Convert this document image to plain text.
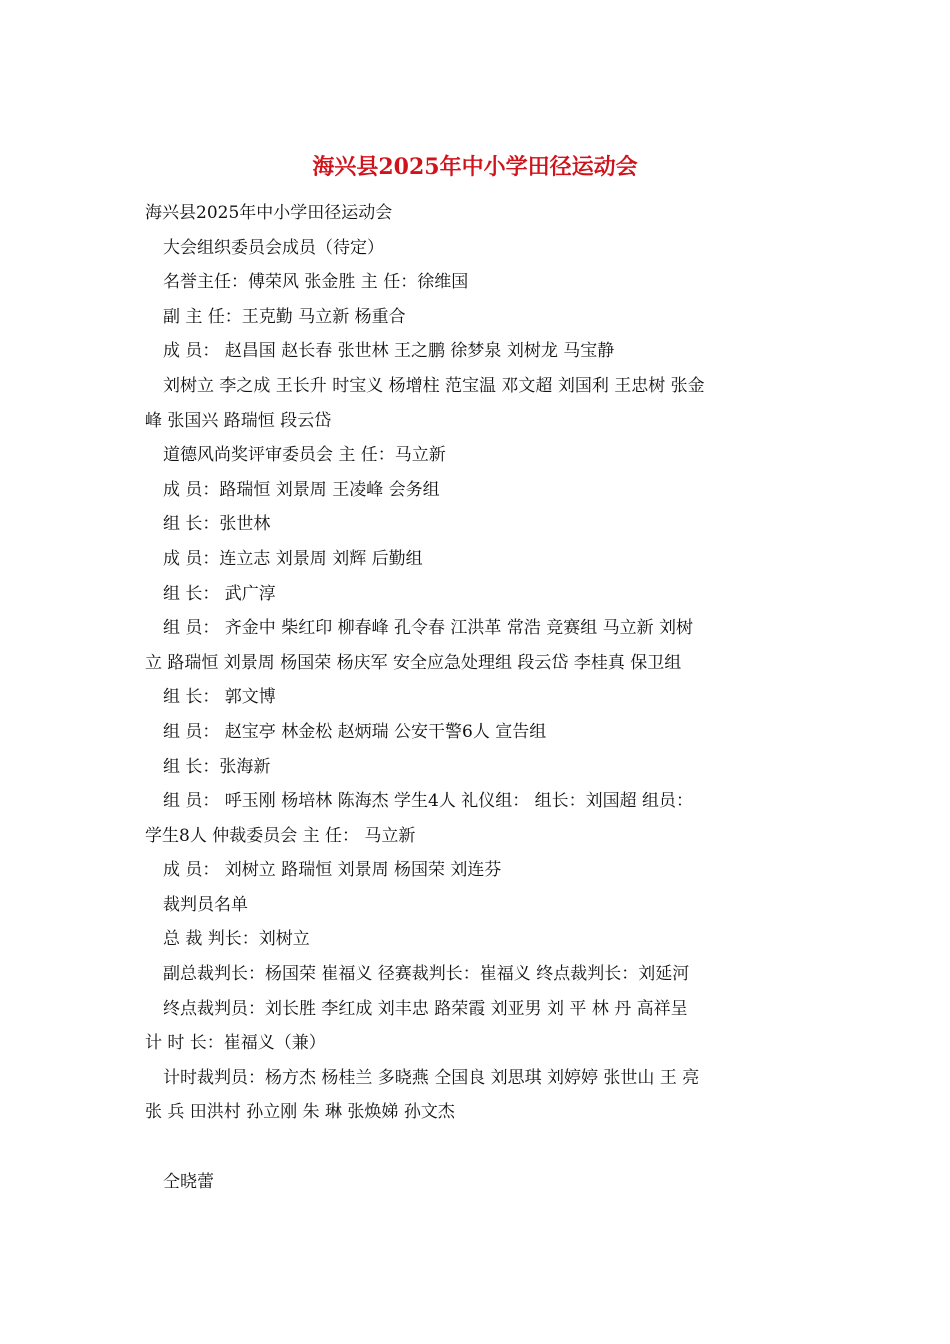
海兴县2025年中小学田径运动会
海兴县2025年中小学田径运动会
大会组织委员会成员（待定）
名誉主任：傅荣风 张金胜 主 任：徐维国
副 主 任：王克勤 马立新 杨重合
成 员： 赵昌国 赵长春 张世林 王之鹏 徐梦泉 刘树龙 马宝静
刘树立 李之成 王长升 时宝义 杨增柱 范宝温 邓文超 刘国利 王忠树 张金
峰 张国兴 路瑞恒 段云岱
道德风尚奖评审委员会 主 任：马立新
成 员：路瑞恒 刘景周 王凌峰 会务组
组 长：张世林
成 员：连立志 刘景周 刘辉 后勤组
组 长： 武广淳
组 员： 齐金中 柴红印 柳春峰 孔令春 江洪革 常浩 竞赛组 马立新 刘树
立 路瑞恒 刘景周 杨国荣 杨庆军 安全应急处理组 段云岱 李桂真 保卫组
组 长： 郭文博
组 员： 赵宝亭 林金松 赵炳瑞 公安干警6人 宣告组
组 长：张海新
组 员： 呼玉刚 杨培林 陈海杰 学生4人 礼仪组： 组长：刘国超 组员：
学生8人 仲裁委员会 主 任： 马立新
成 员： 刘树立 路瑞恒 刘景周 杨国荣 刘连芬
裁判员名单
总 裁 判长：刘树立
副总裁判长：杨国荣 崔福义 径赛裁判长：崔福义 终点裁判长：刘延河
终点裁判员：刘长胜 李红成 刘丰忠 路荣霞 刘亚男 刘 平 林 丹 高祥呈
计 时 长：崔福义（兼）
计时裁判员：杨方杰 杨桂兰 多晓燕 仝国良 刘思琪 刘婷婷 张世山 王 亮
张 兵 田洪村 孙立刚 朱 琳 张焕娣 孙文杰
仝晓蕾
